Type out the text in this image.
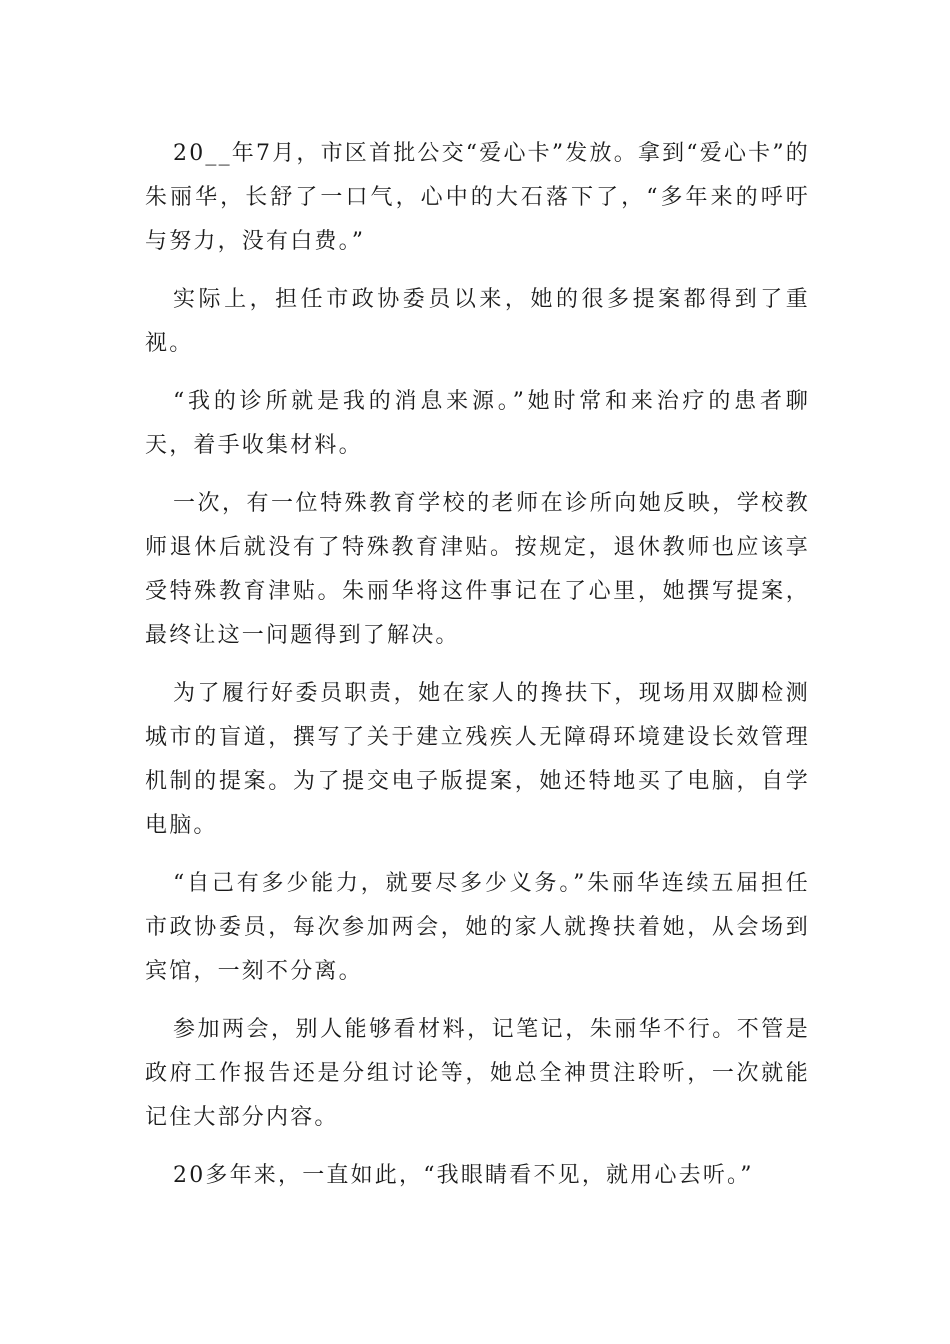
20__年7月，市区首批公交“爱心卡”发放。拿到“爱心卡”的朱丽华，长舒了一口气，心中的大石落下了，“多年来的呼吁与努力，没有白费。”

实际上，担任市政协委员以来，她的很多提案都得到了重视。

“我的诊所就是我的消息来源。”她时常和来治疗的患者聊天，着手收集材料。

一次，有一位特殊教育学校的老师在诊所向她反映，学校教师退休后就没有了特殊教育津贴。按规定，退休教师也应该享受特殊教育津贴。朱丽华将这件事记在了心里，她撰写提案，最终让这一问题得到了解决。

为了履行好委员职责，她在家人的搀扶下，现场用双脚检测城市的盲道，撰写了关于建立残疾人无障碍环境建设长效管理机制的提案。为了提交电子版提案，她还特地买了电脑，自学电脑。

“自己有多少能力，就要尽多少义务。”朱丽华连续五届担任市政协委员，每次参加两会，她的家人就搀扶着她，从会场到宾馆，一刻不分离。

参加两会，别人能够看材料，记笔记，朱丽华不行。不管是政府工作报告还是分组讨论等，她总全神贯注聆听，一次就能记住大部分内容。

20多年来，一直如此，“我眼睛看不见，就用心去听。”
